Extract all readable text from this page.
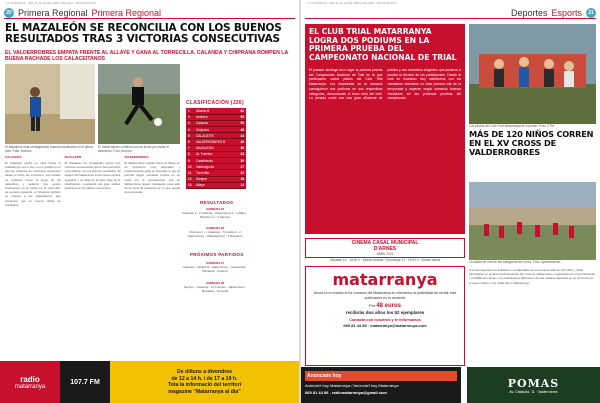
LA COMARCA · DEL 11 AL 24 DE ABRIL DE 2024 · MATARRANYA
20 Primera Regional Primera Regional
EL MAZALEÓN SE RECONCILIA CON LOS BUENOS RESULTADOS TRAS 3 VICTORIAS CONSECUTIVAS
EL VALDERROBRES EMPATA FRENTE AL ALLAYE Y GANA AL TORRECILLA. CALANDA Y CHIPRANA ROMPEN LA BUENA RACHADE LOS CALACEITANOS
El Mazaleón está consiguiendo buenos resultados en el último mes. Foto: Archivo
El Valderrobres continúa con su lucha por evitar el descenso. Foto: Archivo

CALACEITE

El Calaceite perdió en casa frente al Calanda por uno a tres, en un partido en el que los visitantes se mostraron superiores desde el inicio del encuentro. Los locales no pudieron frenar el juego de los calandinos y cedieron tres puntos importantes en su lucha por la zona alta. La semana siguiente, el Chiprana también se impuso a los calaceitanos, que rompieron así su buena racha de resultados.

MAZALEÓN

El Mazaleón ha conseguido sumar tres victorias consecutivas que le han permitido reconciliarse con los buenos resultados. El equipo del Matarranya sumó nueve puntos seguidos y se aleja de la parte baja de la clasificación, mostrando una gran solidez defensiva en los últimos encuentros.

VALDERROBRES

El Valderrobres empató frente al Allaye en un encuentro muy disputado y posteriormente ganó al Torrecilla, lo que le permite seguir sumando puntos en su lucha por la permanencia. Los de Valderrobres siguen trabajando para salir de la zona de descenso en lo que queda de temporada.

CLASIFICACIÓN (J26)
1	Alcañiz B	62
2	Andorra	55
3	Calanda	50
4	Chiprana	48
5	CALACEITE	44
6	VALDERROBRES B	40
7	MAZALEÓN	36
8	At. Fuentes	33
9	Castelserás	30
10	Valdealgorfa	27
11	Torrecilla	22
12	Samper	18
13	Allaye	12
RESULTADOS
JORNADA 25
Calaceite 1 - 3 Calanda · Valderrobres 1 - 1 Allaye · Mazaleón 2 - 0 Samper
JORNADA 26
Chiprana 2 - 1 Calaceite · Torrecilla 0 - 2 Valderrobres · Valdealgorfa 0 - 1 Mazaleón
PRÓXIMOS PARTIDOS
JORNADA 27
Calaceite - Alcañiz B · Valderrobres - Castelserás · Mazaleón - Andorra
JORNADA 28
Samper - Calaceite · At. Fuentes - Valderrobres · Mazaleón - Torrecilla
radio
matarranya
107.7 FM
De dilluns a divendres
de 12 a 14 h. i de 17 a 19 h.
Tota la informació del territori
magazine "Matarranya al dia"
LA COMARCA · DEL 11 AL 24 DE ABRIL DE 2024 · MATARRANYA
Deportes Esports	21
EL CLUB TRIAL MATARRANYA LOGRA DOS PODIUMS EN LA PRIMERA PRUEBA DEL CAMPEONATO NACIONAL DE TRIAL
El pasado domingo tuvo lugar la primera prueba del Campeonato Nacional de Trial en la que participaron varios pilotos del Club Trial Matarranya. Los deportistas de la comarca consiguieron dos podiums en sus respectivas categorías, demostrando el buen nivel del club. La jornada contó con una gran afluencia de público y con recorridos exigentes que pusieron a prueba la técnica de los participantes. Desde el club se muestran muy satisfechos con los resultados obtenidos en esta primera cita de la temporada y esperan seguir sumando buenos resultados en las próximas pruebas del campeonato.
Los pilotos del Club Trial Matarranya en el podio. Foto: CTM
MÁS DE 120 NIÑOS CORREN EN EL XV CROSS DE VALDERROBRES
La salida de una de las categorías del cross. Foto: Ayuntamiento
Una cita deportiva consolidada en el calendario de la comarca. Más de 120 niños y niñas participaron en la decimoquinta edición del cross de Valderrobres, organizado por el Ayuntamiento y el AMPA del colegio. Los participantes disfrutaron de una mañana deportiva en un recorrido por el casco urbano y las orillas del río Matarranya.
CINEMA CASAL MUNICIPAL
D'ARNES
ABRIL 2024
Dissabte 13 · 18:00 h · Sessió familiar / Diumenge 21 · 19:00 h · Sessió adults
matarranya
Ahora si no resides en la comarca del Matarranya te ofrecemos la posibilidad de recibir esta publicación en tu domicilio
Por 48 euros
recibirás dos años los 52 ejemplares
Contacta con nosotros y te informamos
669 81 44 89 · matarranya@matarranya.com
Anúnciate hoy
Anúncia't hoy Matarranya / Anúncia't hoy Matarranya
669 81 44 89 - radiomatarranya@gmail.com
POMAS
Av. Cataluña, 11 · Valderrobres
